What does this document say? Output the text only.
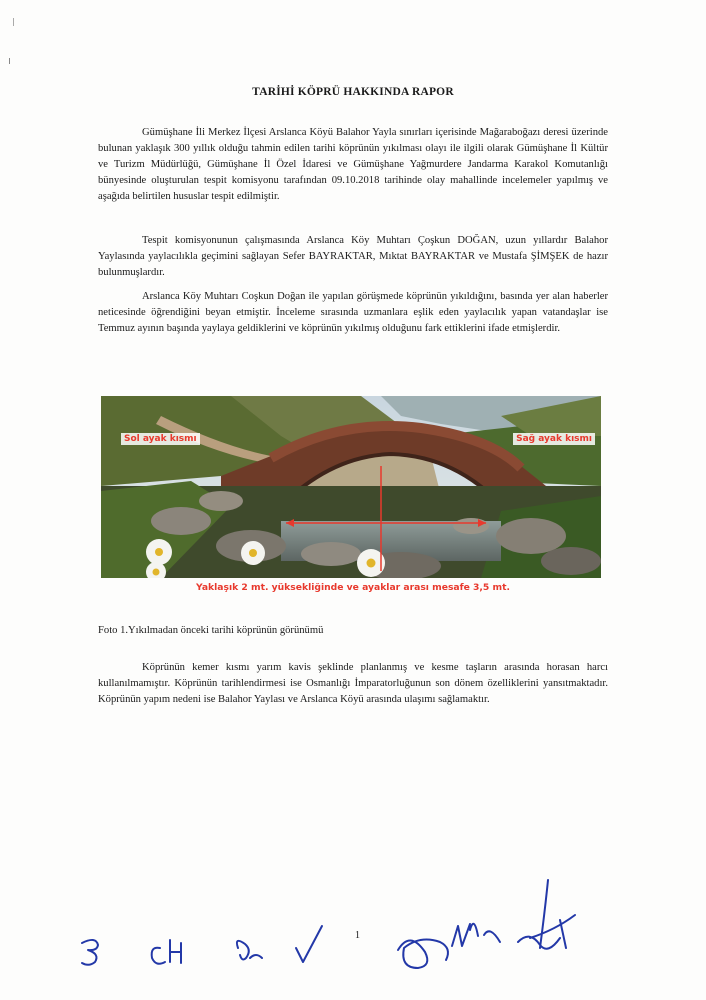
TARİHİ KÖPRÜ HAKKINDA RAPOR

Gümüşhane İli Merkez İlçesi Arslanca Köyü Balahor Yayla sınırları içerisinde Mağaraboğazı deresi üzerinde bulunan yaklaşık 300 yıllık olduğu tahmin edilen tarihi köprünün yıkılması olayı ile ilgili olarak Gümüşhane İl Kültür ve Turizm Müdürlüğü, Gümüşhane İl Özel İdaresi ve Gümüşhane Yağmurdere Jandarma Karakol Komutanlığı bünyesinde oluşturulan tespit komisyonu tarafından 09.10.2018 tarihinde olay mahallinde incelemeler yapılmış ve aşağıda belirtilen hususlar tespit edilmiştir.

Tespit komisyonunun çalışmasında Arslanca Köy Muhtarı Çoşkun DOĞAN, uzun yıllardır Balahor Yaylasında yaylacılıkla geçimini sağlayan Sefer BAYRAKTAR, Mıktat BAYRAKTAR ve Mustafa ŞİMŞEK de hazır bulunmuşlardır.

Arslanca Köy Muhtarı Coşkun Doğan ile yapılan görüşmede köprünün yıkıldığını, basında yer alan haberler neticesinde öğrendiğini beyan etmiştir. İnceleme sırasında uzmanlara eşlik eden yaylacılık yapan vatandaşlar ise Temmuz ayının başında yaylaya geldiklerini ve köprünün yıkılmış olduğunu fark ettiklerini ifade etmişlerdir.

Sol ayak kısmı	Sağ ayak kısmı
Yaklaşık 2 mt. yüksekliğinde ve ayaklar arası mesafe 3,5 mt.
Foto 1.Yıkılmadan önceki tarihi köprünün görünümü

Köprünün kemer kısmı yarım kavis şeklinde planlanmış ve kesme taşların arasında horasan harcı kullanılmamıştır. Köprünün tarihlendirmesi ise Osmanlığı İmparatorluğunun son dönem özelliklerini yansıtmaktadır. Köprünün yapım nedeni ise Balahor Yaylası ve Arslanca Köyü arasında ulaşımı sağlamaktır.

1
